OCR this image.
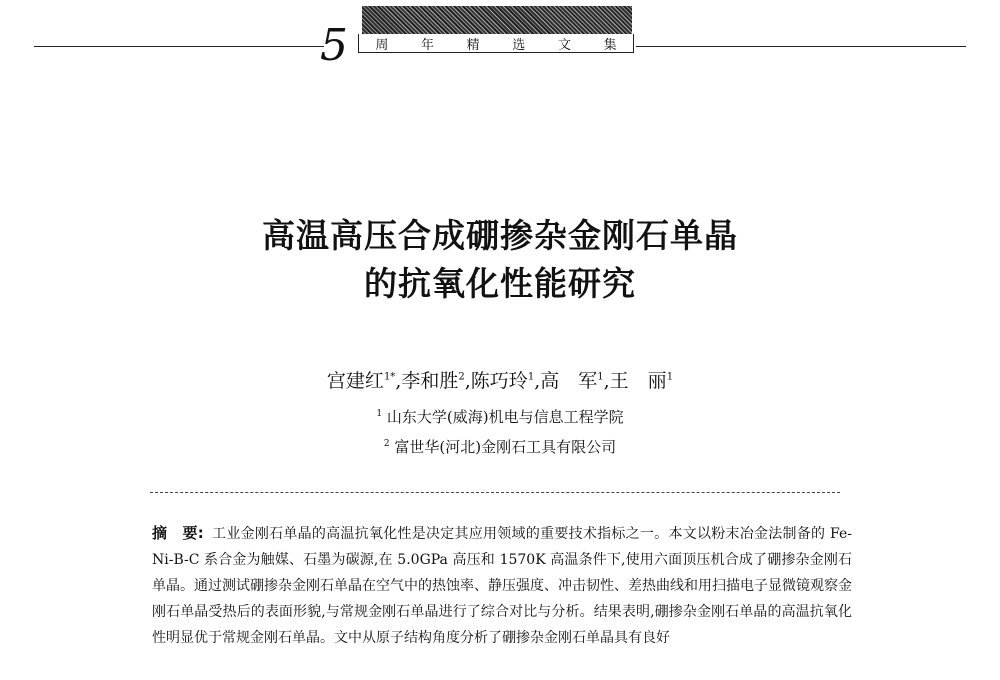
5 周	年	精	选	文	集
高温高压合成硼掺杂金刚石单晶
的抗氧化性能研究
宫建红$^{1*}$,李和胜$^2$,陈巧玲$^1$,高　军$^1$,王　丽$^1$
$^1$ 山东大学(威海)机电与信息工程学院
$^2$ 富世华(河北)金刚石工具有限公司
摘　要: 工业金刚石单晶的高温抗氧化性是决定其应用领域的重要技术指标之一。本文以粉末冶金法制备的 Fe-Ni-B-C 系合金为触媒、石墨为碳源,在 5.0GPa 高压和 1570K 高温条件下,使用六面顶压机合成了硼掺杂金刚石单晶。通过测试硼掺杂金刚石单晶在空气中的热蚀率、静压强度、冲击韧性、差热曲线和用扫描电子显微镜观察金刚石单晶受热后的表面形貌,与常规金刚石单晶进行了综合对比与分析。结果表明,硼掺杂金刚石单晶的高温抗氧化性明显优于常规金刚石单晶。文中从原子结构角度分析了硼掺杂金刚石单晶具有良好
